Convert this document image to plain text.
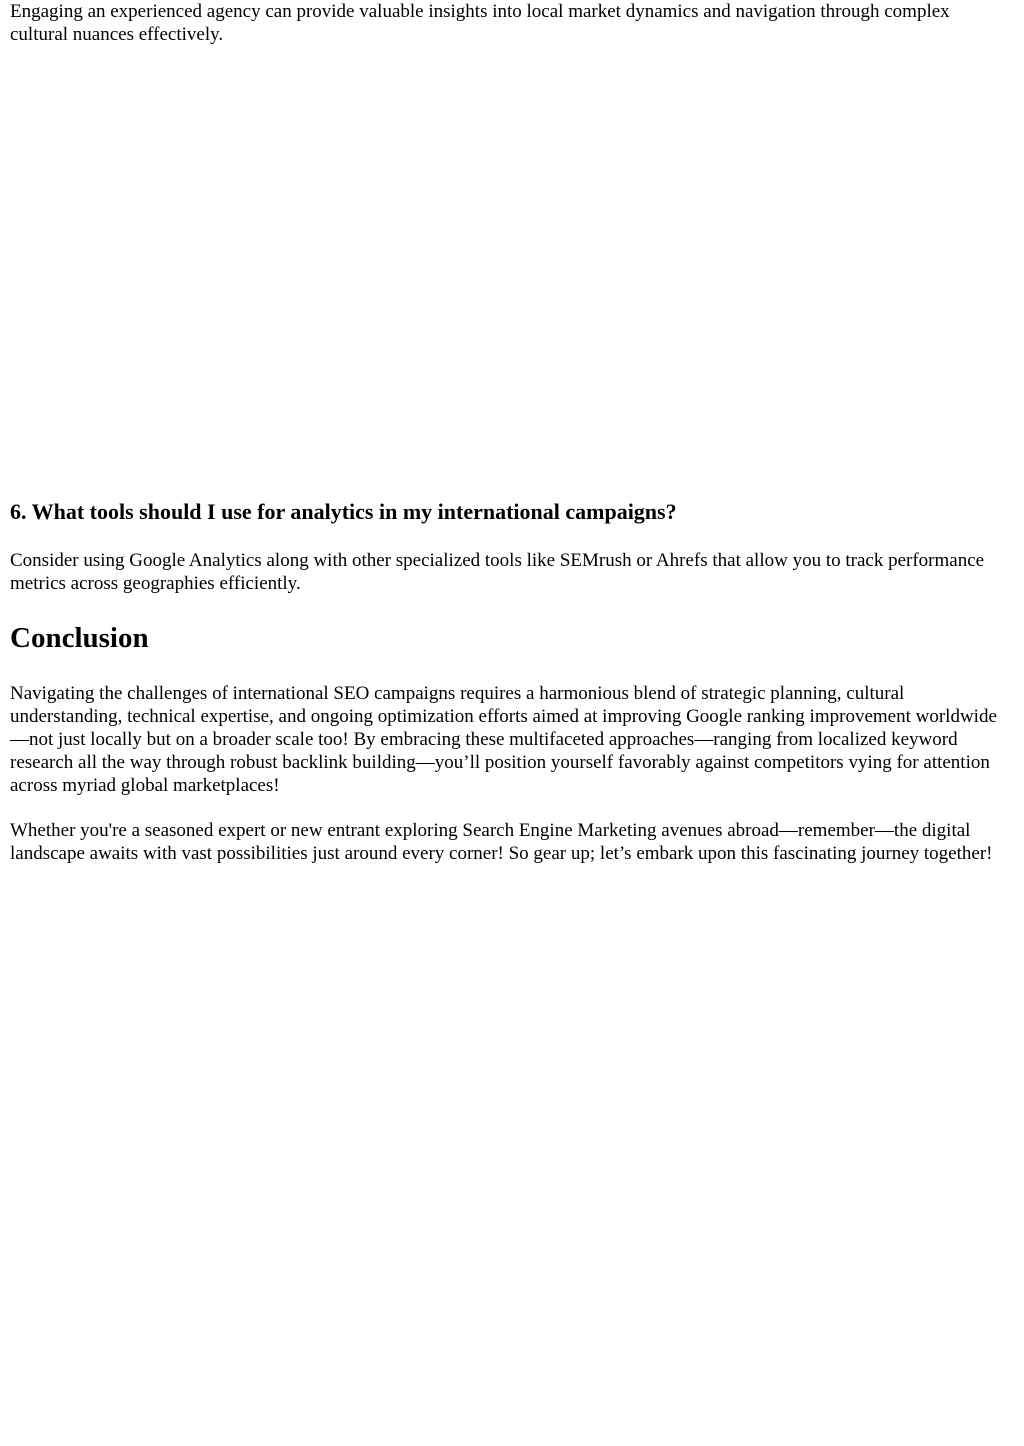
Engaging an experienced agency can provide valuable insights into local market dynamics and navigation through complex cultural nuances effectively.

6. What tools should I use for analytics in my international campaigns?

Consider using Google Analytics along with other specialized tools like SEMrush or Ahrefs that allow you to track performance metrics across geographies efficiently.

Conclusion

Navigating the challenges of international SEO campaigns requires a harmonious blend of strategic planning, cultural understanding, technical expertise, and ongoing optimization efforts aimed at improving Google ranking improvement worldwide—not just locally but on a broader scale too! By embracing these multifaceted approaches—ranging from localized keyword research all the way through robust backlink building—you’ll position yourself favorably against competitors vying for attention across myriad global marketplaces!

Whether you're a seasoned expert or new entrant exploring Search Engine Marketing avenues abroad—remember—the digital landscape awaits with vast possibilities just around every corner! So gear up; let’s embark upon this fascinating journey together!
